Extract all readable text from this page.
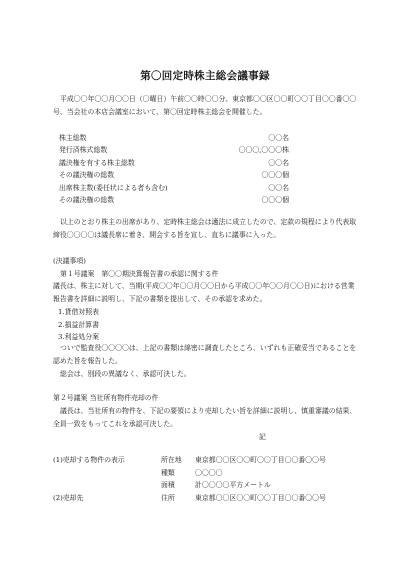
第〇回定時株主総会議事録
平成〇〇年〇〇月〇〇日（〇曜日）午前〇〇時〇〇分、東京都〇〇区〇〇町〇〇丁目〇〇番〇〇号、当会社の本店会議室において、第〇回定時株主総会を開催した。
株主総数	〇〇名
発行済株式総数	〇〇〇,〇〇〇株
議決権を有する株主総数	〇〇名
その議決権の総数	〇〇〇個
出席株主数(委任状による者も含む)	〇〇名
その議決権の総数	〇〇〇個
以上のとおり株主の出席があり、定時株主総会は適法に成立したので、定款の規程により代表取締役〇〇〇〇は議長席に着き、開会する旨を宣し、直ちに議事に入った。
(決議事項)
第１号議案　第〇〇期決算報告書の承認に関する件
議長は、株主に対して、当期(平成〇〇年〇〇月〇〇日から平成〇〇年〇〇月〇〇日)における営業報告書を詳細に説明し、下記の書類を提出して、その承認を求めた。
1.貸借対照表
2.損益計算書
3.利益処分案
ついで監査役〇〇〇〇は、上記の書類は綿密に調査したところ、いずれも正確妥当であることを認めた旨を報告した。
総会は、別段の異議なく、承認可決した。
第２号議案 当社所有物件売却の件
議長は、当社所有の物件を、下記の要領により売却したい旨を詳細に説明し、慎重審議の結果、全員一致をもってこれを承認可決した。
記
(1)売却する物件の表示	所在地	東京都〇〇区〇〇町〇〇丁目〇〇番〇〇号
	種類	〇〇〇〇
	面積	計〇〇〇〇平方メートル
(2)売却先	住所	東京都〇〇区〇〇町〇〇丁目〇〇番〇〇号
